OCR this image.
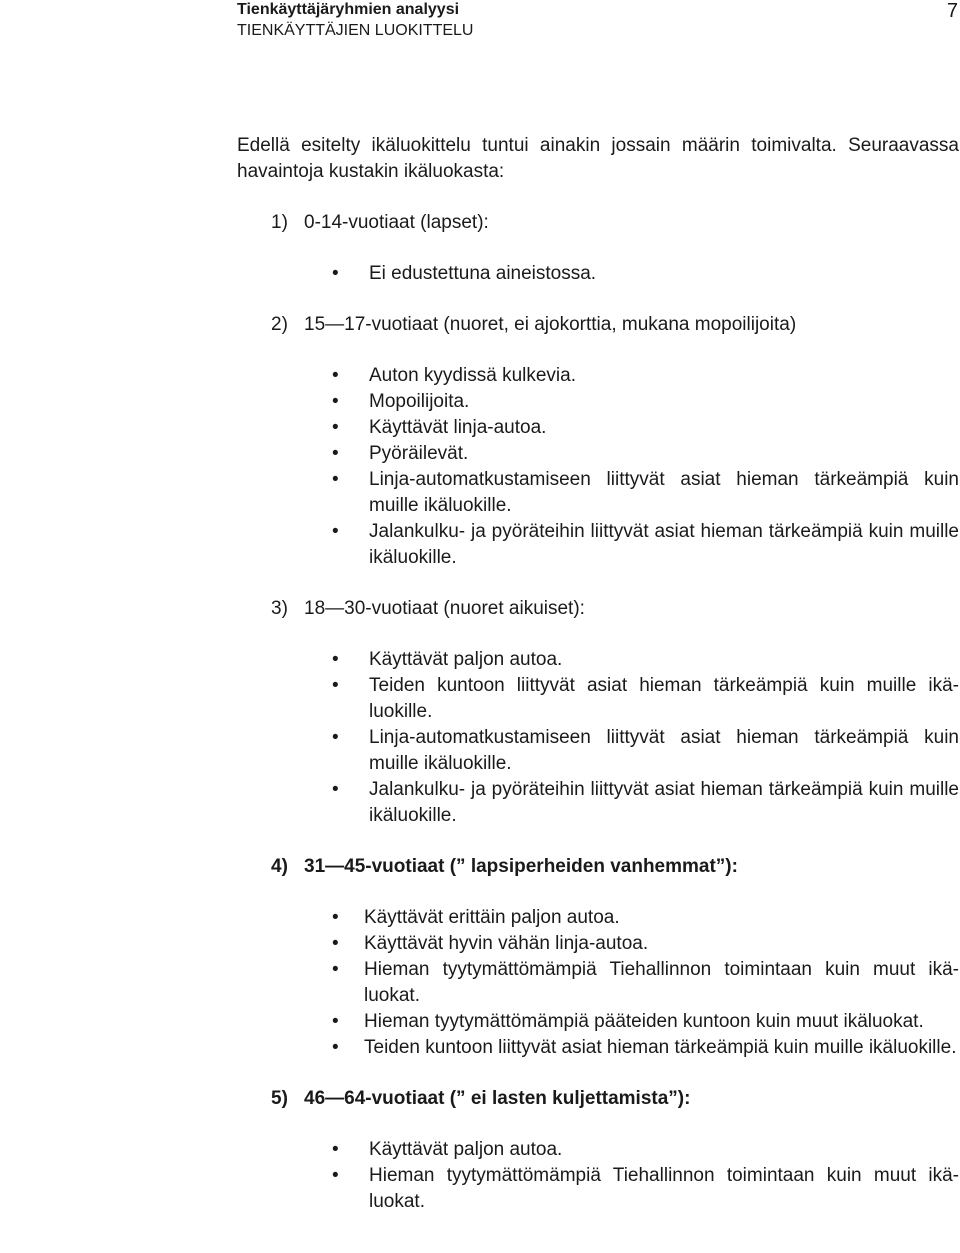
Tienkäyttäjäryhmien analyysi
TIENKÄYTTÄJIEN LUOKITTELU
7

Edellä esitelty ikäluokittelu tuntui ainakin jossain määrin toimivalta. Seuraavassa havaintoja kustakin ikäluokasta:

1) 0-14-vuotiaat (lapset):
• Ei edustettuna aineistossa.
2) 15—17-vuotiaat (nuoret, ei ajokorttia, mukana mopoilijoita)
• Auton kyydissä kulkevia.
• Mopoilijoita.
• Käyttävät linja-autoa.
• Pyöräilevät.
• Linja-automatkustamiseen liittyvät asiat hieman tärkeämpiä kuin muille ikäluokille.
• Jalankulku- ja pyöräteihin liittyvät asiat hieman tärkeämpiä kuin muille ikäluokille.
3) 18—30-vuotiaat (nuoret aikuiset):
• Käyttävät paljon autoa.
• Teiden kuntoon liittyvät asiat hieman tärkeämpiä kuin muille ikäluokille.
• Linja-automatkustamiseen liittyvät asiat hieman tärkeämpiä kuin muille ikäluokille.
• Jalankulku- ja pyöräteihin liittyvät asiat hieman tärkeämpiä kuin muille ikäluokille.
4) 31—45-vuotiaat (” lapsiperheiden vanhemmat”):
• Käyttävät erittäin paljon autoa.
• Käyttävät hyvin vähän linja-autoa.
• Hieman tyytymättömämpiä Tiehallinnon toimintaan kuin muut ikäluokat.
• Hieman tyytymättömämpiä pääteiden kuntoon kuin muut ikäluokat.
• Teiden kuntoon liittyvät asiat hieman tärkeämpiä kuin muille ikäluokille.
5) 46—64-vuotiaat (” ei lasten kuljettamista”):
• Käyttävät paljon autoa.
• Hieman tyytymättömämpiä Tiehallinnon toimintaan kuin muut ikäluokat.
